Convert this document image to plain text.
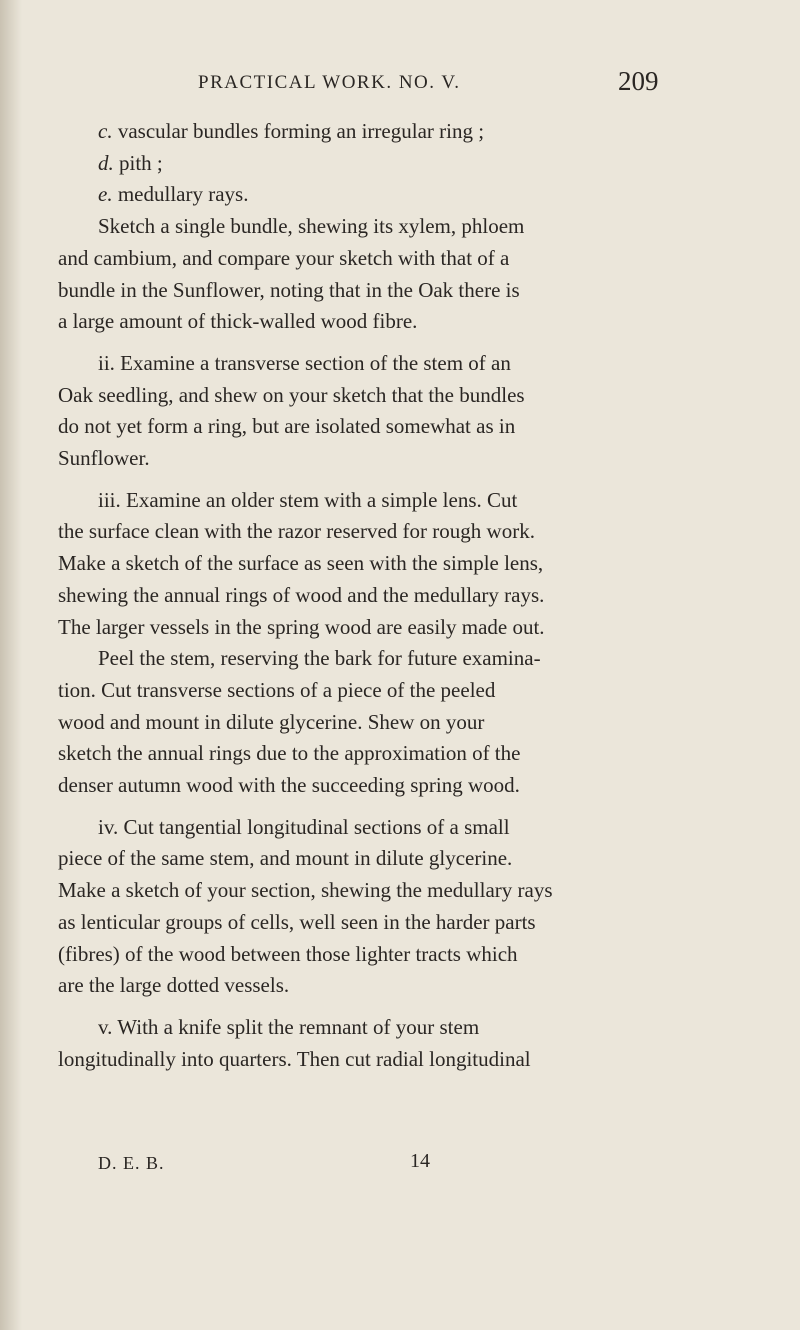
PRACTICAL WORK. NO. V.	209
c. vascular bundles forming an irregular ring ;
d. pith ;
e. medullary rays.
Sketch a single bundle, shewing its xylem, phloem
and cambium, and compare your sketch with that of a
bundle in the Sunflower, noting that in the Oak there is
a large amount of thick-walled wood fibre.
ii. Examine a transverse section of the stem of an
Oak seedling, and shew on your sketch that the bundles
do not yet form a ring, but are isolated somewhat as in
Sunflower.
iii. Examine an older stem with a simple lens. Cut
the surface clean with the razor reserved for rough work.
Make a sketch of the surface as seen with the simple lens,
shewing the annual rings of wood and the medullary rays.
The larger vessels in the spring wood are easily made out.
Peel the stem, reserving the bark for future examina-
tion. Cut transverse sections of a piece of the peeled
wood and mount in dilute glycerine. Shew on your
sketch the annual rings due to the approximation of the
denser autumn wood with the succeeding spring wood.
iv. Cut tangential longitudinal sections of a small
piece of the same stem, and mount in dilute glycerine.
Make a sketch of your section, shewing the medullary rays
as lenticular groups of cells, well seen in the harder parts
(fibres) of the wood between those lighter tracts which
are the large dotted vessels.
v. With a knife split the remnant of your stem
longitudinally into quarters. Then cut radial longitudinal
D. E. B.	14
